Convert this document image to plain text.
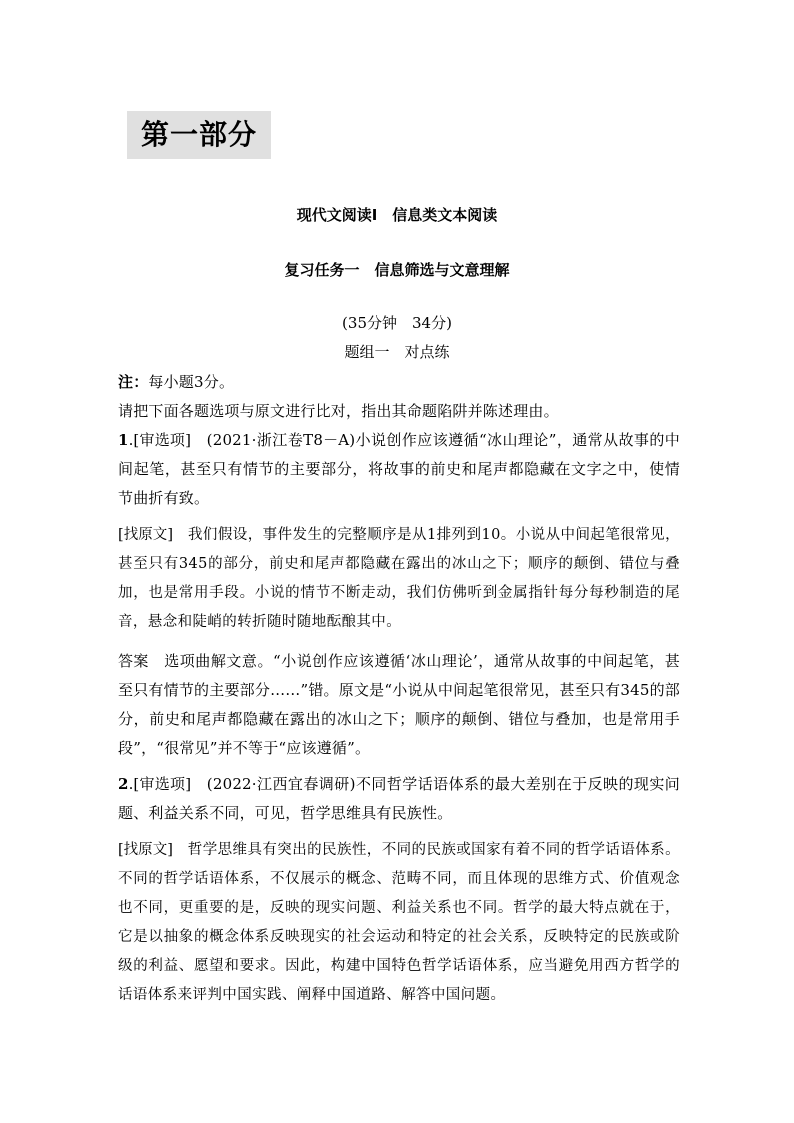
第一部分
现代文阅读Ⅰ　信息类文本阅读
复习任务一　信息筛选与文意理解
(35分钟　34分)
题组一　对点练
注：每小题3分。
请把下面各题选项与原文进行比对，指出其命题陷阱并陈述理由。
1.[审选项]　(2021·浙江卷T8－A)小说创作应该遵循“冰山理论”，通常从故事的中间起笔，甚至只有情节的主要部分，将故事的前史和尾声都隐藏在文字之中，使情节曲折有致。
[找原文]　我们假设，事件发生的完整顺序是从1排列到10。小说从中间起笔很常见，甚至只有345的部分，前史和尾声都隐藏在露出的冰山之下；顺序的颠倒、错位与叠加，也是常用手段。小说的情节不断走动，我们仿佛听到金属指针每分每秒制造的尾音，悬念和陡峭的转折随时随地酝酿其中。
答案　选项曲解文意。“小说创作应该遵循‘冰山理论’，通常从故事的中间起笔，甚至只有情节的主要部分……”错。原文是“小说从中间起笔很常见，甚至只有345的部分，前史和尾声都隐藏在露出的冰山之下；顺序的颠倒、错位与叠加，也是常用手段”，“很常见”并不等于“应该遵循”。
2.[审选项]　(2022·江西宜春调研)不同哲学话语体系的最大差别在于反映的现实问题、利益关系不同，可见，哲学思维具有民族性。
[找原文]　哲学思维具有突出的民族性，不同的民族或国家有着不同的哲学话语体系。不同的哲学话语体系，不仅展示的概念、范畴不同，而且体现的思维方式、价值观念也不同，更重要的是，反映的现实问题、利益关系也不同。哲学的最大特点就在于，它是以抽象的概念体系反映现实的社会运动和特定的社会关系，反映特定的民族或阶级的利益、愿望和要求。因此，构建中国特色哲学话语体系，应当避免用西方哲学的话语体系来评判中国实践、阐释中国道路、解答中国问题。
